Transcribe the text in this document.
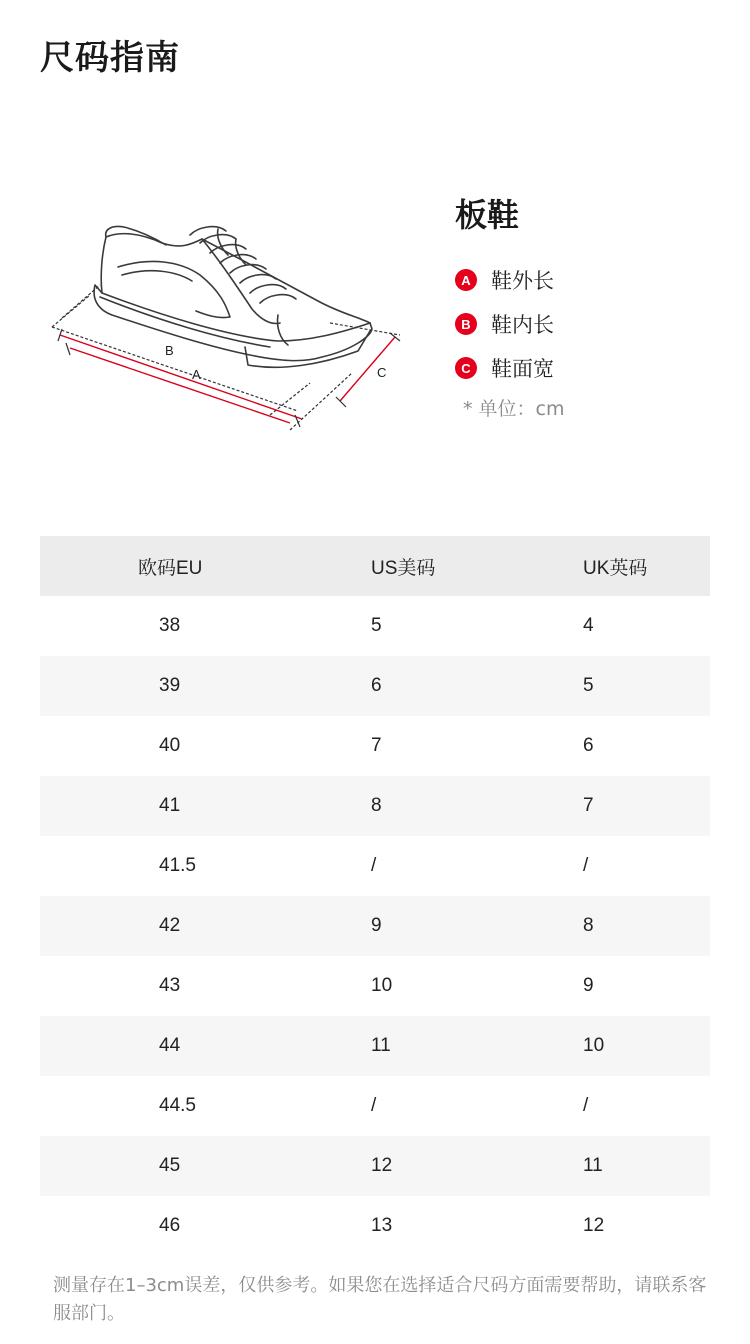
尺码指南
B
A	C
板鞋
A 鞋外长
B 鞋内长
C 鞋面宽
* 单位：cm
欧码EU	US美码	UK英码
38	5	4
39	6	5
40	7	6
41	8	7
41.5	/	/
42	9	8
43	10	9
44	11	10
44.5	/	/
45	12	11
46	13	12

测量存在1–3cm误差，仅供参考。如果您在选择适合尺码方面需要帮助，请联系客服部门。
